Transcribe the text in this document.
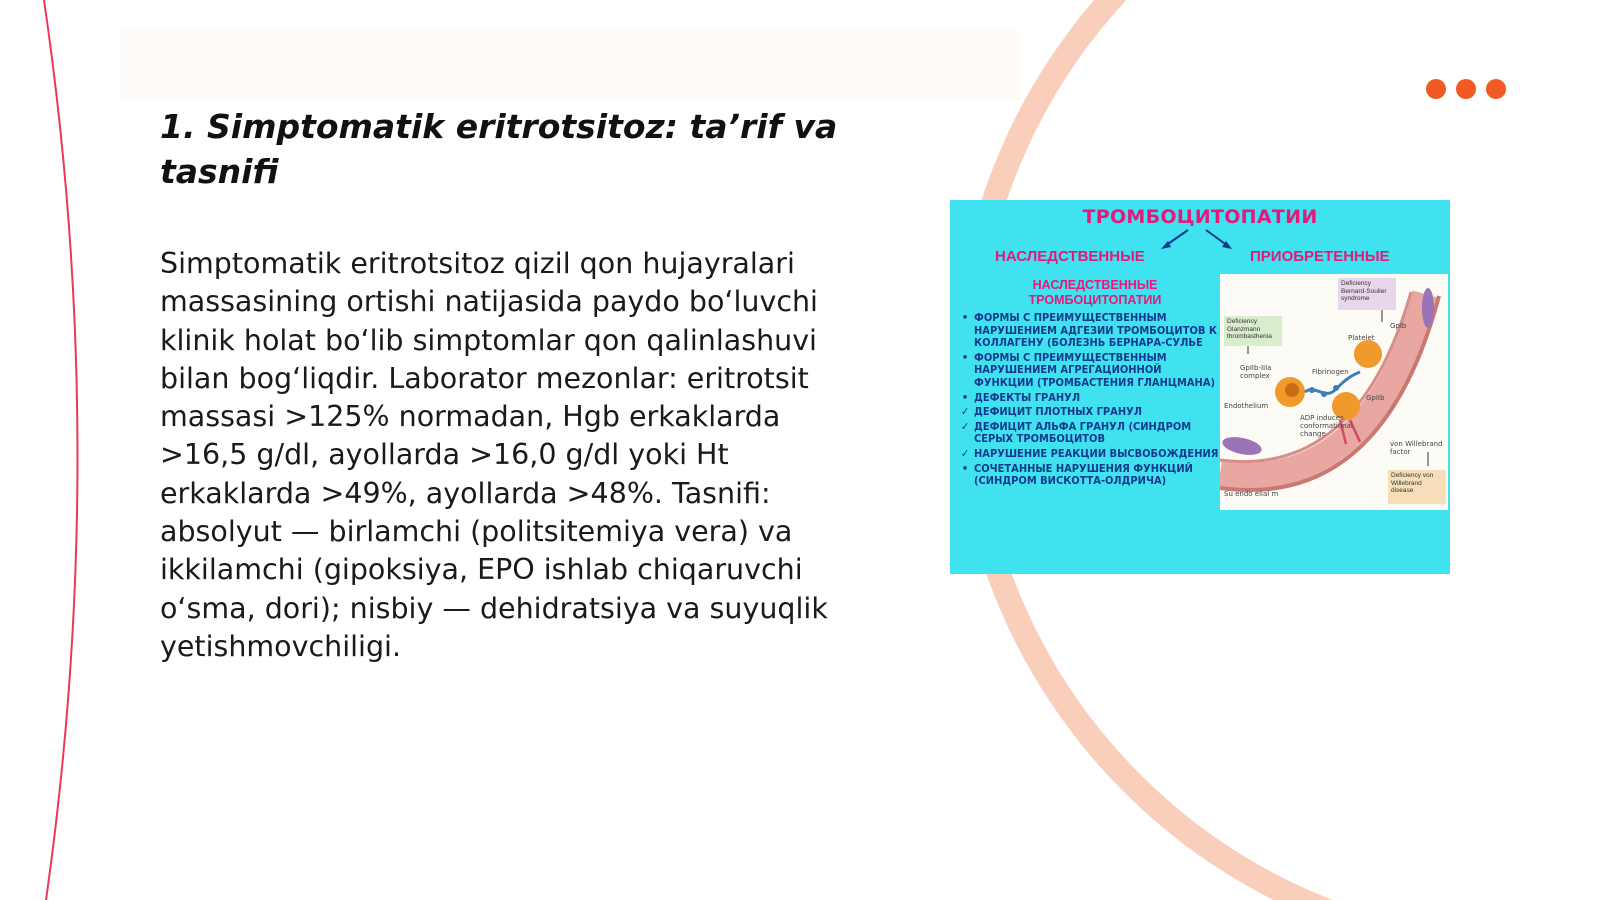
1. Simptomatik eritrotsitoz: ta’rif va tasnifi

Simptomatik eritrotsitoz qizil qon hujayralari massasining ortishi natijasida paydo bo‘luvchi klinik holat bo‘lib simptomlar qon qalinlashuvi bilan bog‘liqdir. Laborator mezonlar: eritrotsit massasi >125% normadan, Hgb erkaklarda >16,5 g/dl, ayollarda >16,0 g/dl yoki Ht erkaklarda >49%, ayollarda >48%. Tasnifi: absolyut — birlamchi (politsitemiya vera) va ikkilamchi (gipoksiya, EPO ishlab chiqaruvchi o‘sma, dori); nisbiy — dehidratsiya va suyuqlik yetishmovchiligi.

ТРОМБОЦИТОПАТИИ
НАСЛЕДСТВЕННЫЕ	ПРИОБРЕТЕННЫЕ
НАСЛЕДСТВЕННЫЕ ТРОМБОЦИТОПАТИИ
• ФОРМЫ С ПРЕИМУЩЕСТВЕННЫМ НАРУШЕНИЕМ АДГЕЗИИ ТРОМБОЦИТОВ К КОЛЛАГЕНУ (БОЛЕЗНЬ БЕРНАРА-СУЛЬЕ
• ФОРМЫ С ПРЕИМУЩЕСТВЕННЫМ НАРУШЕНИЕМ АГРЕГАЦИОННОЙ ФУНКЦИИ (ТРОМБАСТЕНИЯ ГЛАНЦМАНА)
• ДЕФЕКТЫ ГРАНУЛ
✓ ДЕФИЦИТ ПЛОТНЫХ ГРАНУЛ
✓ ДЕФИЦИТ АЛЬФА ГРАНУЛ (СИНДРОМ СЕРЫХ ТРОМБОЦИТОВ
✓ НАРУШЕНИЕ РЕАКЦИИ ВЫСВОБОЖДЕНИЯ
• СОЧЕТАННЫЕ НАРУШЕНИЯ ФУНКЦИЙ (СИНДРОМ ВИСКОТТА-ОЛДРИЧА)
Deficiency Bernard-Soulier syndrome
Deficiency Glanzmann thrombasthenia	Platelet
GpIb
GpIIb-IIIa complex	Fibrinogen
Endothelium
ADP induces conformational change
GpIIb
von Willebrand factor
Deficiency von Willebrand disease
Su endo elial m
